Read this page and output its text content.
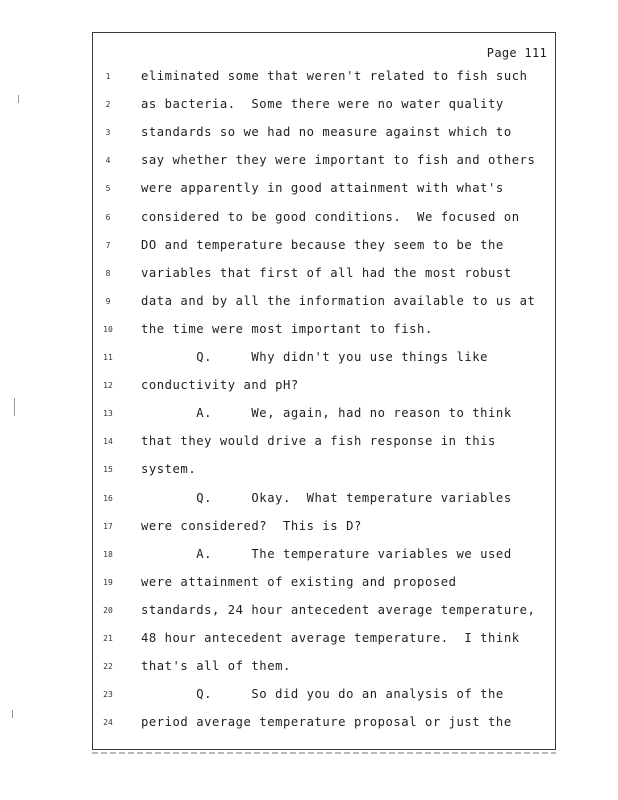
Page 111
1	eliminated some that weren't related to fish such
2	as bacteria.  Some there were no water quality
3	standards so we had no measure against which to
4	say whether they were important to fish and others
5	were apparently in good attainment with what's
6	considered to be good conditions.  We focused on
7	DO and temperature because they seem to be the
8	variables that first of all had the most robust
9	data and by all the information available to us at
10	the time were most important to fish.
11	Q.     Why didn't you use things like
12	conductivity and pH?
13	A.     We, again, had no reason to think
14	that they would drive a fish response in this
15	system.
16	Q.     Okay.  What temperature variables
17	were considered?  This is D?
18	A.     The temperature variables we used
19	were attainment of existing and proposed
20	standards, 24 hour antecedent average temperature,
21	48 hour antecedent average temperature.  I think
22	that's all of them.
23	Q.     So did you do an analysis of the
24	period average temperature proposal or just the
